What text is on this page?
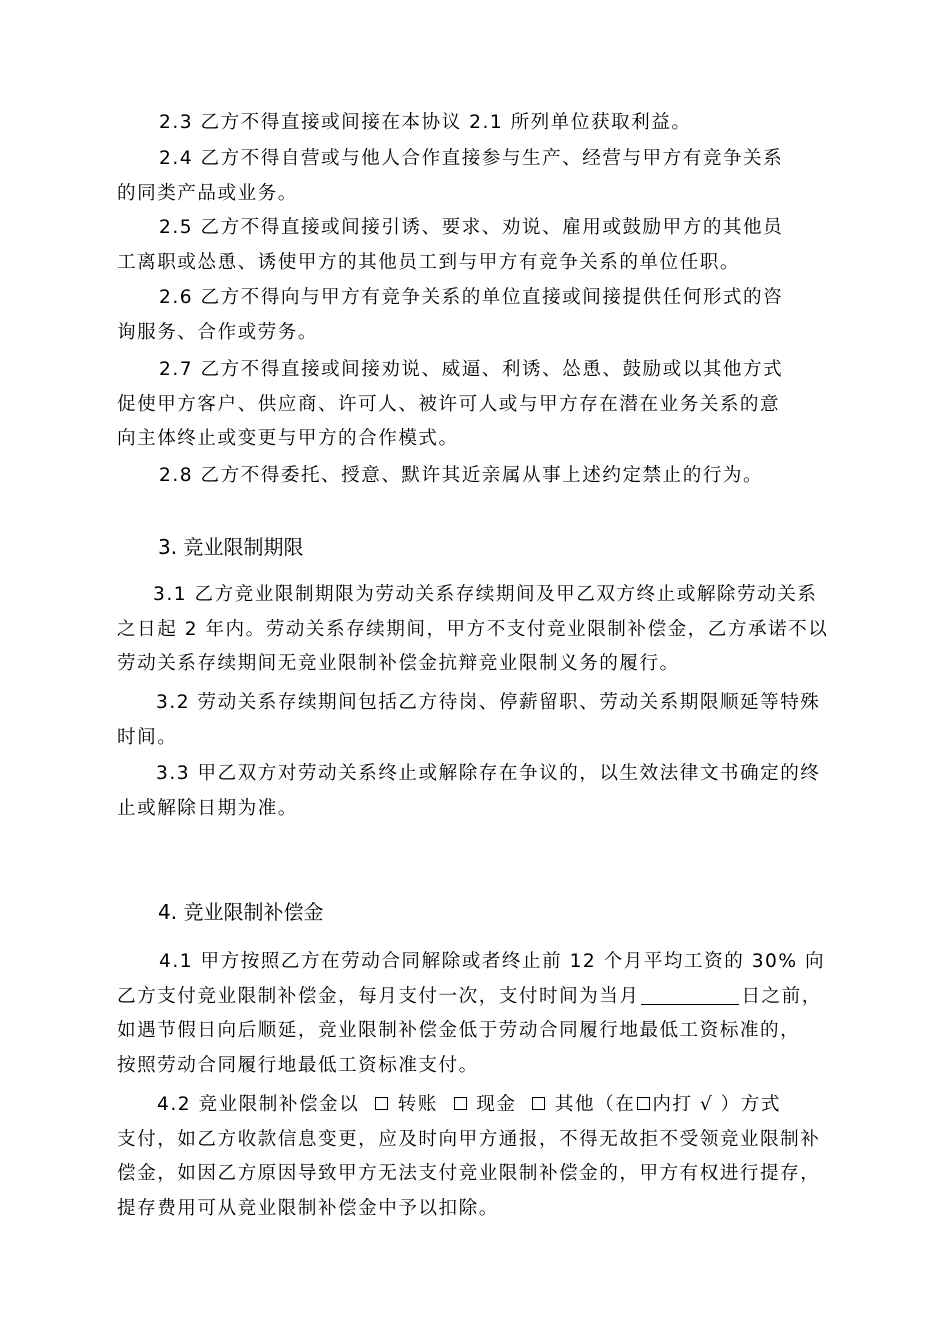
2.3 乙方不得直接或间接在本协议 2.1 所列单位获取利益。
2.4 乙方不得自营或与他人合作直接参与生产、经营与甲方有竞争关系
的同类产品或业务。
2.5 乙方不得直接或间接引诱、要求、劝说、雇用或鼓励甲方的其他员
工离职或怂恿、诱使甲方的其他员工到与甲方有竞争关系的单位任职。
2.6 乙方不得向与甲方有竞争关系的单位直接或间接提供任何形式的咨
询服务、合作或劳务。
2.7 乙方不得直接或间接劝说、威逼、利诱、怂恿、鼓励或以其他方式
促使甲方客户、供应商、许可人、被许可人或与甲方存在潜在业务关系的意
向主体终止或变更与甲方的合作模式。
2.8 乙方不得委托、授意、默许其近亲属从事上述约定禁止的行为。
3. 竞业限制期限
3.1 乙方竞业限制期限为劳动关系存续期间及甲乙双方终止或解除劳动关系
之日起 2 年内。劳动关系存续期间，甲方不支付竞业限制补偿金，乙方承诺不以
劳动关系存续期间无竞业限制补偿金抗辩竞业限制义务的履行。
3.2 劳动关系存续期间包括乙方待岗、停薪留职、劳动关系期限顺延等特殊
时间。
3.3 甲乙双方对劳动关系终止或解除存在争议的，以生效法律文书确定的终
止或解除日期为准。
4. 竞业限制补偿金
4.1 甲方按照乙方在劳动合同解除或者终止前 12 个月平均工资的 30% 向
乙方支付竞业限制补偿金，每月支付一次，支付时间为当月	日之前，
如遇节假日向后顺延，竞业限制补偿金低于劳动合同履行地最低工资标准的，
按照劳动合同履行地最低工资标准支付。
4.2 竞业限制补偿金以 转账 现金 其他（在 内打 √ ）方式
支付，如乙方收款信息变更，应及时向甲方通报，不得无故拒不受领竞业限制补
偿金，如因乙方原因导致甲方无法支付竞业限制补偿金的，甲方有权进行提存，
提存费用可从竞业限制补偿金中予以扣除。
